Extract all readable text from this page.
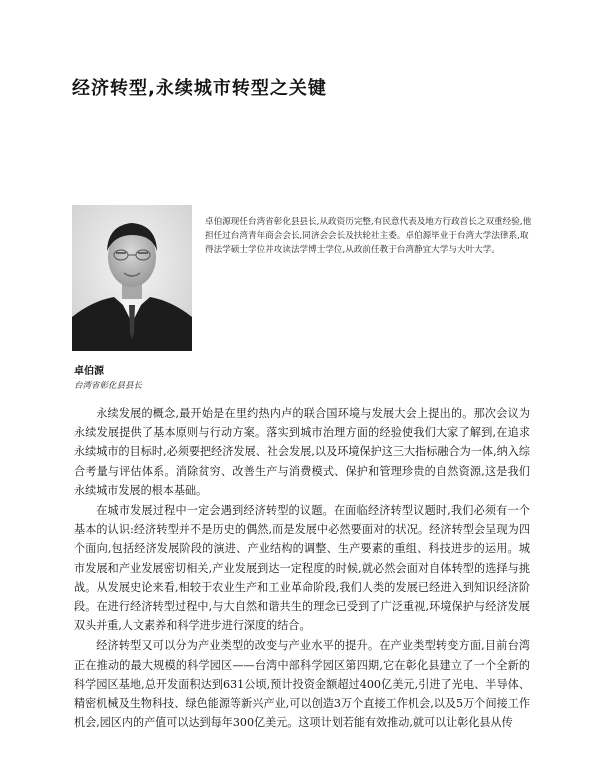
经济转型,永续城市转型之关键
卓伯源现任台湾省彰化县县长,从政资历完整,有民意代表及地方行政首长之双重经验,他担任过台湾青年商会会长,同济会会长及扶轮社主委。卓伯源毕业于台湾大学法律系,取得法学硕士学位并攻读法学博士学位,从政前任教于台湾静宜大学与大叶大学。
卓伯源
台湾省彰化县县长

永续发展的概念,最开始是在里约热内卢的联合国环境与发展大会上提出的。那次会议为永续发展提供了基本原则与行动方案。落实到城市治理方面的经验使我们大家了解到,在追求永续城市的目标时,必须要把经济发展、社会发展,以及环境保护这三大指标融合为一体,纳入综合考量与评估体系。消除贫穷、改善生产与消费模式、保护和管理珍贵的自然资源,这是我们永续城市发展的根本基础。

在城市发展过程中一定会遇到经济转型的议题。在面临经济转型议题时,我们必须有一个基本的认识:经济转型并不是历史的偶然,而是发展中必然要面对的状况。经济转型会呈现为四个面向,包括经济发展阶段的演进、产业结构的调整、生产要素的重组、科技进步的运用。城市发展和产业发展密切相关,产业发展到达一定程度的时候,就必然会面对自体转型的选择与挑战。从发展史论来看,相较于农业生产和工业革命阶段,我们人类的发展已经进入到知识经济阶段。在进行经济转型过程中,与大自然和谐共生的理念已受到了广泛重视,环境保护与经济发展双头并重,人文素养和科学进步进行深度的结合。

经济转型又可以分为产业类型的改变与产业水平的提升。在产业类型转变方面,目前台湾正在推动的最大规模的科学园区——台湾中部科学园区第四期,它在彰化县建立了一个全新的科学园区基地,总开发面积达到631公顷,预计投资金额超过400亿美元,引进了光电、半导体、精密机械及生物科技、绿色能源等新兴产业,可以创造3万个直接工作机会,以及5万个间接工作机会,园区内的产值可以达到每年300亿美元。这项计划若能有效推动,就可以让彰化县从传
